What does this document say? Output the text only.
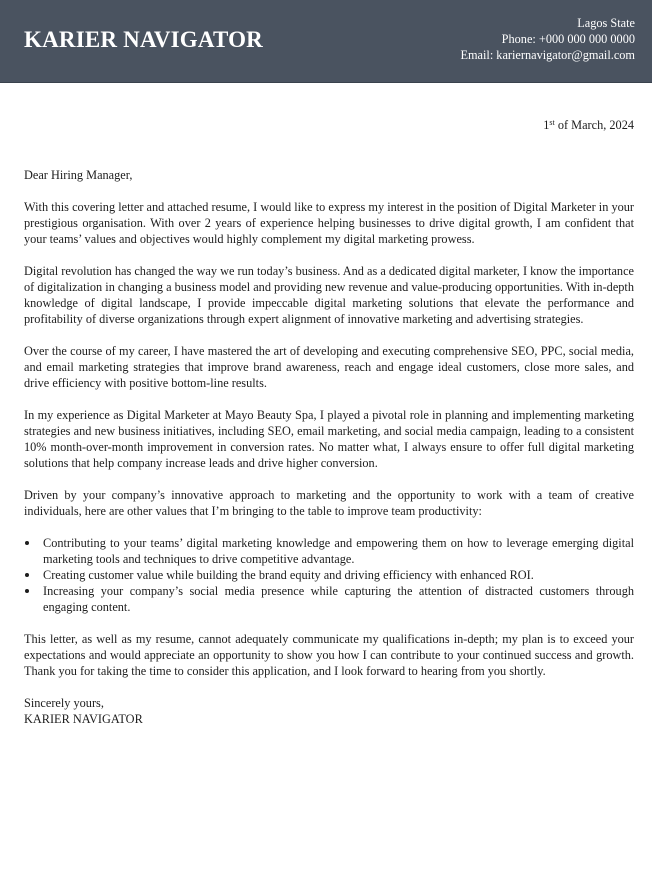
KARIER NAVIGATOR
Lagos State
Phone: +000 000 000 0000
Email: kariernavigator@gmail.com
1st of March, 2024

Dear Hiring Manager,

With this covering letter and attached resume, I would like to express my interest in the position of Digital Marketer in your prestigious organisation. With over 2 years of experience helping businesses to drive digital growth, I am confident that your teams’ values and objectives would highly complement my digital marketing prowess.

Digital revolution has changed the way we run today’s business. And as a dedicated digital marketer, I know the importance of digitalization in changing a business model and providing new revenue and value-producing opportunities. With in-depth knowledge of digital landscape, I provide impeccable digital marketing solutions that elevate the performance and profitability of diverse organizations through expert alignment of innovative marketing and advertising strategies.

Over the course of my career, I have mastered the art of developing and executing comprehensive SEO, PPC, social media, and email marketing strategies that improve brand awareness, reach and engage ideal customers, close more sales, and drive efficiency with positive bottom-line results.

In my experience as Digital Marketer at Mayo Beauty Spa, I played a pivotal role in planning and implementing marketing strategies and new business initiatives, including SEO, email marketing, and social media campaign, leading to a consistent 10% month-over-month improvement in conversion rates. No matter what, I always ensure to offer full digital marketing solutions that help company increase leads and drive higher conversion.

Driven by your company’s innovative approach to marketing and the opportunity to work with a team of creative individuals, here are other values that I’m bringing to the table to improve team productivity:

Contributing to your teams’ digital marketing knowledge and empowering them on how to leverage emerging digital marketing tools and techniques to drive competitive advantage.
Creating customer value while building the brand equity and driving efficiency with enhanced ROI.
Increasing your company’s social media presence while capturing the attention of distracted customers through engaging content.

This letter, as well as my resume, cannot adequately communicate my qualifications in-depth; my plan is to exceed your expectations and would appreciate an opportunity to show you how I can contribute to your continued success and growth. Thank you for taking the time to consider this application, and I look forward to hearing from you shortly.

Sincerely yours,
KARIER NAVIGATOR
